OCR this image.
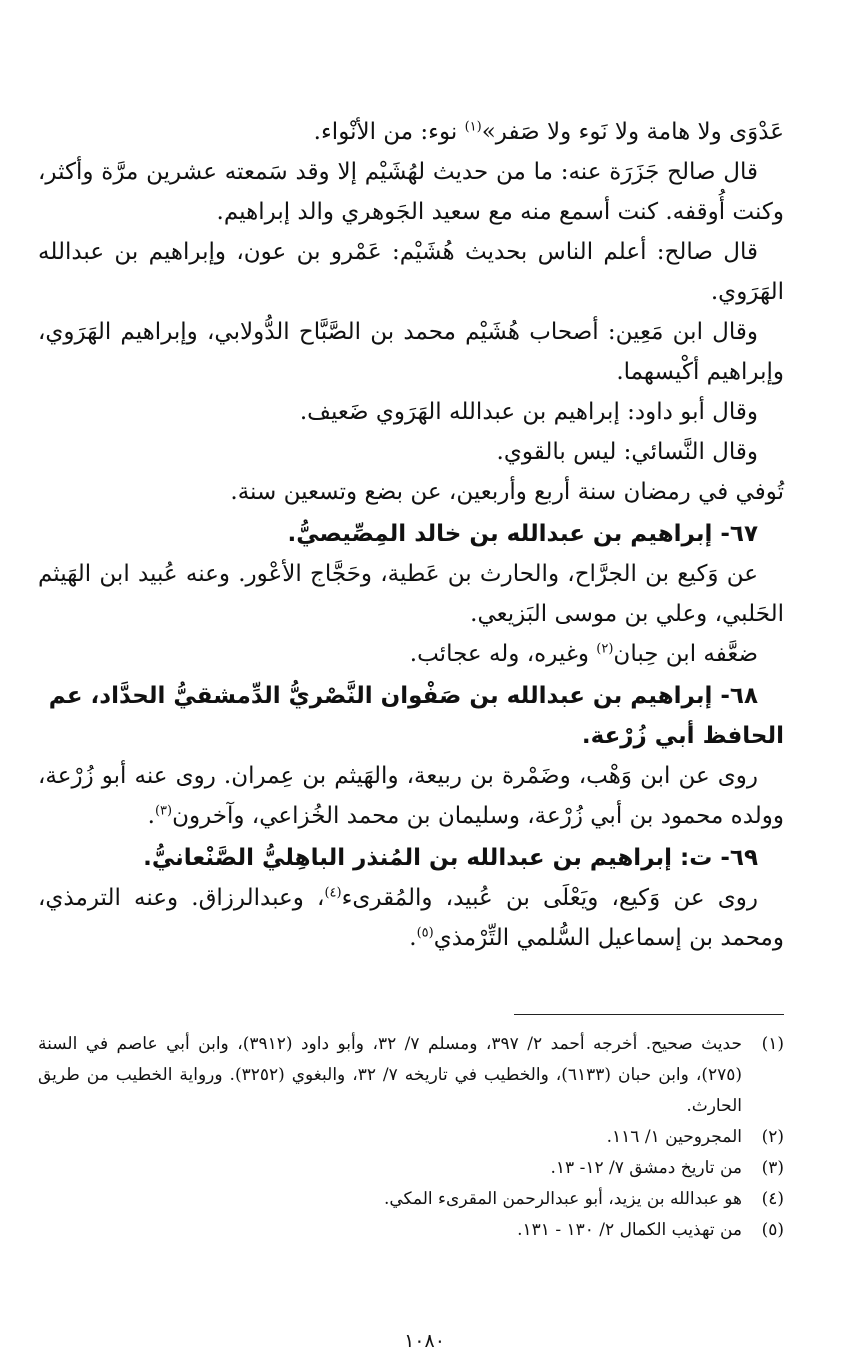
عَدْوَى ولا هامة ولا نَوء ولا صَفر»$^{(١)}$ نوء: من الأنْواء.

قال صالح جَزَرَة عنه: ما من حديث لهُشَيْم إلا وقد سَمعته عشرين مرَّة وأكثر، وكنت أُوقفه. كنت أسمع منه مع سعيد الجَوهري والد إبراهيم.

قال صالح: أعلم الناس بحديث هُشَيْم: عَمْرو بن عون، وإبراهيم بن عبدالله الهَرَوي.

وقال ابن مَعِين: أصحاب هُشَيْم محمد بن الصَّبَّاح الدُّولابي، وإبراهيم الهَرَوي، وإبراهيم أكْيسهما.

وقال أبو داود: إبراهيم بن عبدالله الهَرَوي ضَعيف.

وقال النَّسائي: ليس بالقوي.

تُوفي في رمضان سنة أربع وأربعين، عن بضع وتسعين سنة.

٦٧- إبراهيم بن عبدالله بن خالد المِصِّيصيُّ.

عن وَكيع بن الجرَّاح، والحارث بن عَطية، وحَجَّاج الأعْور. وعنه عُبيد ابن الهَيثم الحَلبي، وعلي بن موسى البَزيعي.

ضعَّفه ابن حِبان$^{(٢)}$ وغيره، وله عجائب.

٦٨- إبراهيم بن عبدالله بن صَفْوان النَّصْريُّ الدِّمشقيُّ الحدَّاد، عم
الحافظ أبي زُرْعة.

روى عن ابن وَهْب، وضَمْرة بن ربيعة، والهَيثم بن عِمران. روى عنه أبو زُرْعة، وولده محمود بن أبي زُرْعة، وسليمان بن محمد الخُزاعي، وآخرون$^{(٣)}$.

٦٩- ت: إبراهيم بن عبدالله بن المُنذر الباهِليُّ الصَّنْعانيُّ.

روى عن وَكيع، ويَعْلَى بن عُبيد، والمُقرىء$^{(٤)}$، وعبدالرزاق. وعنه الترمذي، ومحمد بن إسماعيل السُّلمي التِّرْمذي$^{(٥)}$.

(١)
حديث صحيح. أخرجه أحمد ٢/ ٣٩٧، ومسلم ٧/ ٣٢، وأبو داود (٣٩١٢)، وابن أبي عاصم في السنة (٢٧٥)، وابن حبان (٦١٣٣)، والخطيب في تاريخه ٧/ ٣٢، والبغوي (٣٢٥٢). ورواية الخطيب من طريق الحارث.
(٢)
المجروحين ١/ ١١٦.
(٣)
من تاريخ دمشق ٧/ ١٢- ١٣.
(٤)
هو عبدالله بن يزيد، أبو عبدالرحمن المقرىء المكي.
(٥)
من تهذيب الكمال ٢/ ١٣٠ - ١٣١.
١٠٨٠
